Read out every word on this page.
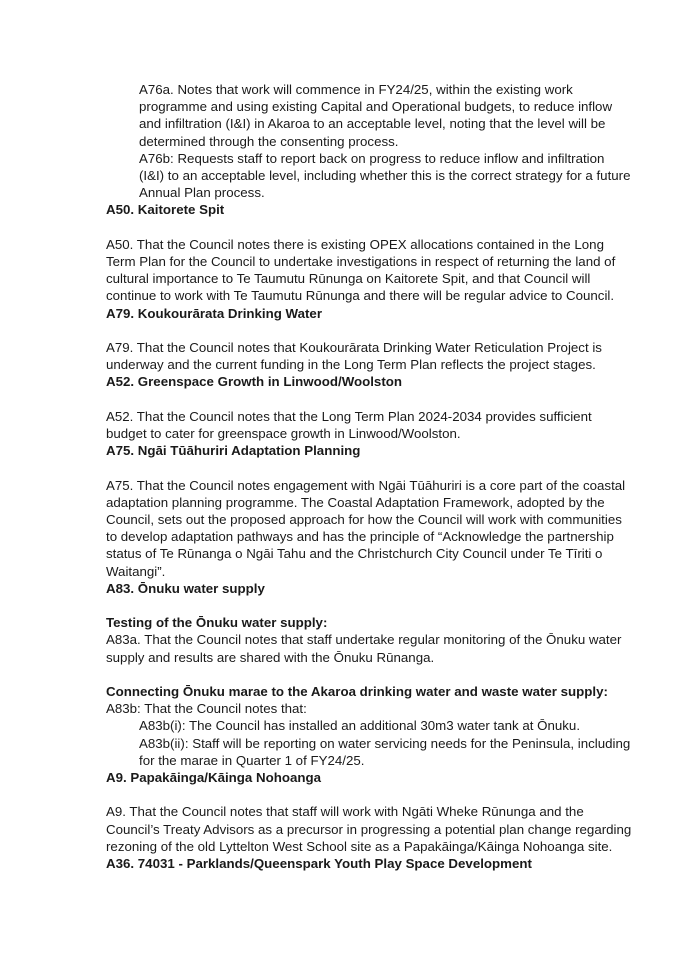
A76a. Notes that work will commence in FY24/25, within the existing work programme and using existing Capital and Operational budgets, to reduce inflow and infiltration (I&I) in Akaroa to an acceptable level, noting that the level will be determined through the consenting process.

A76b: Requests staff to report back on progress to reduce inflow and infiltration (I&I) to an acceptable level, including whether this is the correct strategy for a future Annual Plan process.

A50. Kaitorete Spit

A50. That the Council notes there is existing OPEX allocations contained in the Long Term Plan for the Council to undertake investigations in respect of returning the land of cultural importance to Te Taumutu Rūnunga on Kaitorete Spit, and that Council will continue to work with Te Taumutu Rūnunga and there will be regular advice to Council.

A79. Koukourārata Drinking Water

A79. That the Council notes that Koukourārata Drinking Water Reticulation Project is underway and the current funding in the Long Term Plan reflects the project stages.

A52. Greenspace Growth in Linwood/Woolston

A52. That the Council notes that the Long Term Plan 2024-2034 provides sufficient budget to cater for greenspace growth in Linwood/Woolston.

A75. Ngāi Tūāhuriri Adaptation Planning

A75. That the Council notes engagement with Ngāi Tūāhuriri is a core part of the coastal adaptation planning programme. The Coastal Adaptation Framework, adopted by the Council, sets out the proposed approach for how the Council will work with communities to develop adaptation pathways and has the principle of “Acknowledge the partnership status of Te Rūnanga o Ngāi Tahu and the Christchurch City Council under Te Tīriti o Waitangi”.

A83. Ōnuku water supply

Testing of the Ōnuku water supply:

A83a. That the Council notes that staff undertake regular monitoring of the Ōnuku water supply and results are shared with the Ōnuku Rūnanga.

Connecting Ōnuku marae to the Akaroa drinking water and waste water supply:

A83b: That the Council notes that:

A83b(i): The Council has installed an additional 30m3 water tank at Ōnuku.

A83b(ii): Staff will be reporting on water servicing needs for the Peninsula, including for the marae in Quarter 1 of FY24/25.

A9. Papakāinga/Kāinga Nohoanga

A9. That the Council notes that staff will work with Ngāti Wheke Rūnunga and the Council’s Treaty Advisors as a precursor in progressing a potential plan change regarding rezoning of the old Lyttelton West School site as a Papakāinga/Kāinga Nohoanga site.

A36. 74031 - Parklands/Queenspark Youth Play Space Development
